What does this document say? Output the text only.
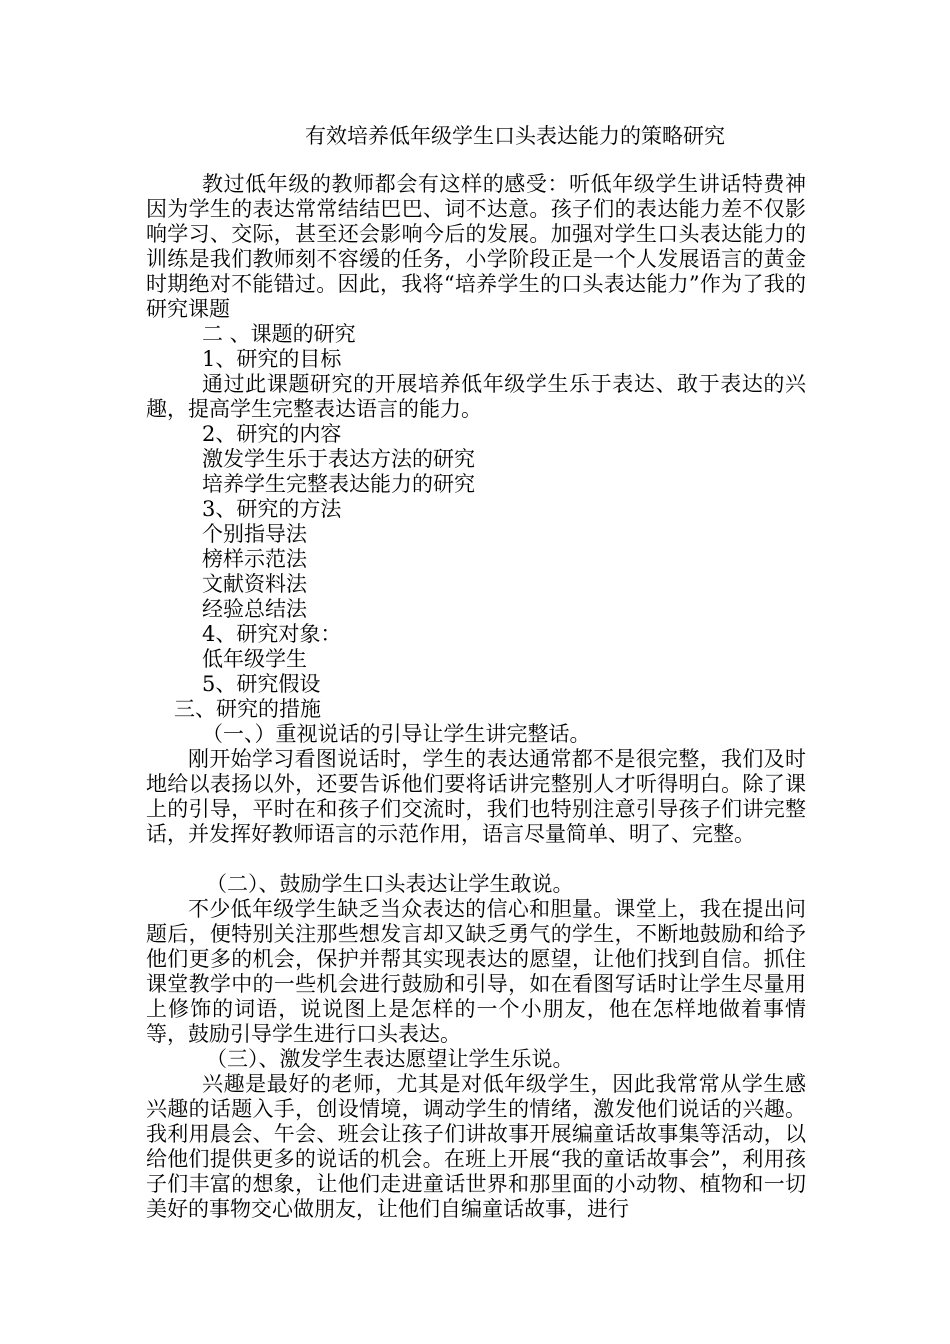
有效培养低年级学生口头表达能力的策略研究

教过低年级的教师都会有这样的感受：听低年级学生讲话特费神因为学生的表达常常结结巴巴、词不达意。孩子们的表达能力差不仅影响学习、交际，甚至还会影响今后的发展。加强对学生口头表达能力的训练是我们教师刻不容缓的任务，小学阶段正是一个人发展语言的黄金时期绝对不能错过。因此，我将“培养学生的口头表达能力”作为了我的研究课题

二 、课题的研究

1、研究的目标

通过此课题研究的开展培养低年级学生乐于表达、敢于表达的兴趣，提高学生完整表达语言的能力。

2、研究的内容

激发学生乐于表达方法的研究

培养学生完整表达能力的研究

3、研究的方法

个别指导法

榜样示范法

文献资料法

经验总结法

4、研究对象：

低年级学生

5、研究假设

三、研究的措施

（一、）重视说话的引导让学生讲完整话。

刚开始学习看图说话时，学生的表达通常都不是很完整，我们及时地给以表扬以外，还要告诉他们要将话讲完整别人才听得明白。除了课上的引导，平时在和孩子们交流时，我们也特别注意引导孩子们讲完整话，并发挥好教师语言的示范作用，语言尽量简单、明了、完整。

（二）、鼓励学生口头表达让学生敢说。

不少低年级学生缺乏当众表达的信心和胆量。课堂上，我在提出问题后，便特别关注那些想发言却又缺乏勇气的学生，不断地鼓励和给予他们更多的机会，保护并帮其实现表达的愿望，让他们找到自信。抓住课堂教学中的一些机会进行鼓励和引导，如在看图写话时让学生尽量用上修饰的词语，说说图上是怎样的一个小朋友，他在怎样地做着事情等，鼓励引导学生进行口头表达。

（三）、激发学生表达愿望让学生乐说。

兴趣是最好的老师，尤其是对低年级学生，因此我常常从学生感兴趣的话题入手，创设情境，调动学生的情绪，激发他们说话的兴趣。我利用晨会、午会、班会让孩子们讲故事开展编童话故事集等活动，以给他们提供更多的说话的机会。在班上开展“我的童话故事会”，利用孩子们丰富的想象，让他们走进童话世界和那里面的小动物、植物和一切美好的事物交心做朋友，让他们自编童话故事，进行
